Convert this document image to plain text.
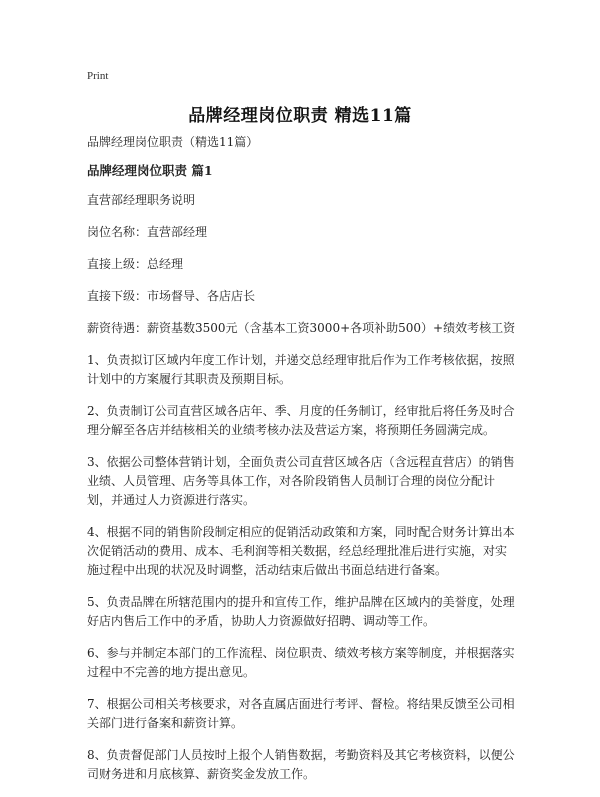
Print
品牌经理岗位职责 精选11篇

品牌经理岗位职责（精选11篇）

品牌经理岗位职责 篇1

直营部经理职务说明

岗位名称：直营部经理

直接上级：总经理

直接下级：市场督导、各店店长

薪资待遇：薪资基数3500元（含基本工资3000+各项补助500）+绩效考核工资

1、负责拟订区域内年度工作计划，并递交总经理审批后作为工作考核依据，按照计划中的方案履行其职责及预期目标。

2、负责制订公司直营区域各店年、季、月度的任务制订，经审批后将任务及时合理分解至各店并结核相关的业绩考核办法及营运方案，将预期任务圆满完成。

3、依据公司整体营销计划，全面负责公司直营区域各店（含远程直营店）的销售业绩、人员管理、店务等具体工作，对各阶段销售人员制订合理的岗位分配计划，并通过人力资源进行落实。

4、根据不同的销售阶段制定相应的促销活动政策和方案，同时配合财务计算出本次促销活动的费用、成本、毛利润等相关数据，经总经理批准后进行实施，对实施过程中出现的状况及时调整，活动结束后做出书面总结进行备案。

5、负责品牌在所辖范围内的提升和宣传工作，维护品牌在区域内的美誉度，处理好店内售后工作中的矛盾，协助人力资源做好招聘、调动等工作。

6、参与并制定本部门的工作流程、岗位职责、绩效考核方案等制度，并根据落实过程中不完善的地方提出意见。

7、根据公司相关考核要求，对各直属店面进行考评、督检。将结果反馈至公司相关部门进行备案和薪资计算。

8、负责督促部门人员按时上报个人销售数据，考勤资料及其它考核资料，以便公司财务进和月底核算、薪资奖金发放工作。
